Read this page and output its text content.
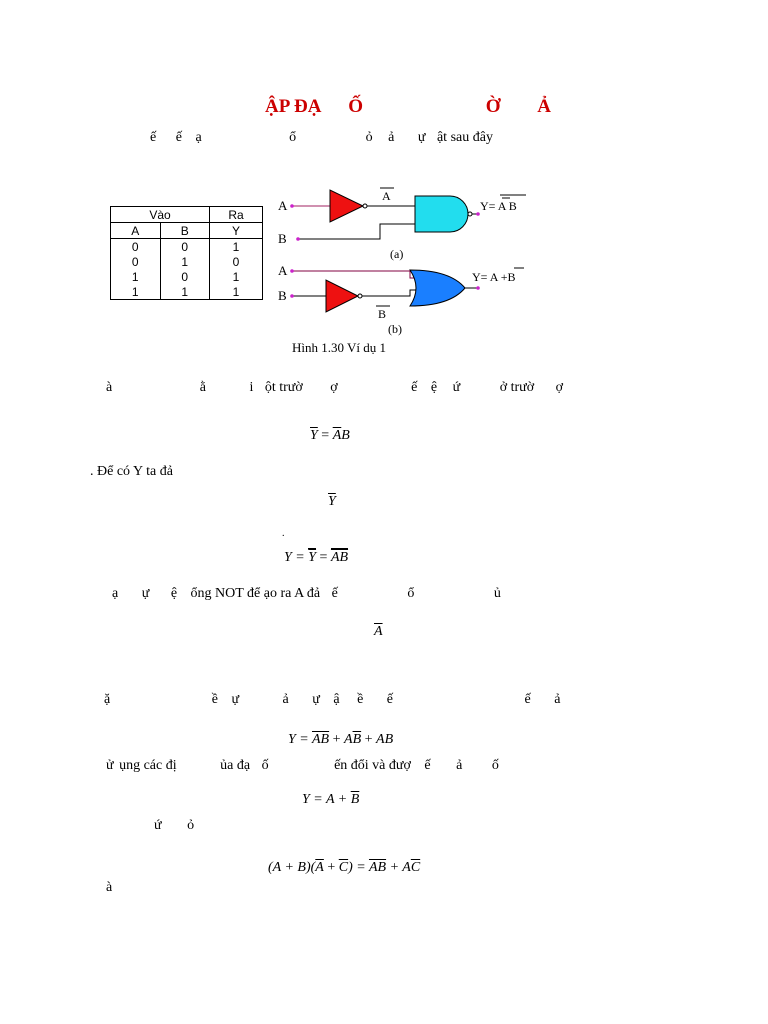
ẬP ĐẠ Ố	Ờ Ả
ế ế ạ	ổ	ỏ ả ự ật sau đây
Vào		Ra
A	B	Y
0	0	1
0	1	0
1	0	1
1	1	1
A
A
B
Y= A B
(a)
A
B
B
Y= A +B
(b)
Hình 1.30 Ví dụ 1
à	ằ	i ột trườ ợ	ế ệ ứ	ở trườ ợ
$\overline{Y} = \overline{A}B$
. Để có Y ta đả
$\overline{Y}$
.
$Y = \overline{Y} = \overline{AB}$
ạ ự ệ ổng NOT để ạo ra A đả ế	ổ	ủ
$\overline{A}$
ặ	ề ự	ả ự ậ ề ế	ế ả
$Y = \overline{AB} + A\overline{B}$ + AB
ử ụng các đị	ủa đạ ố	ến đổi và đượ ế ả ố
$Y = A + \overline{B}$
ứ ỏ
$(A + B)(\overline{A} + \overline{C}) = \overline{AB} + A\overline{C}$
à
